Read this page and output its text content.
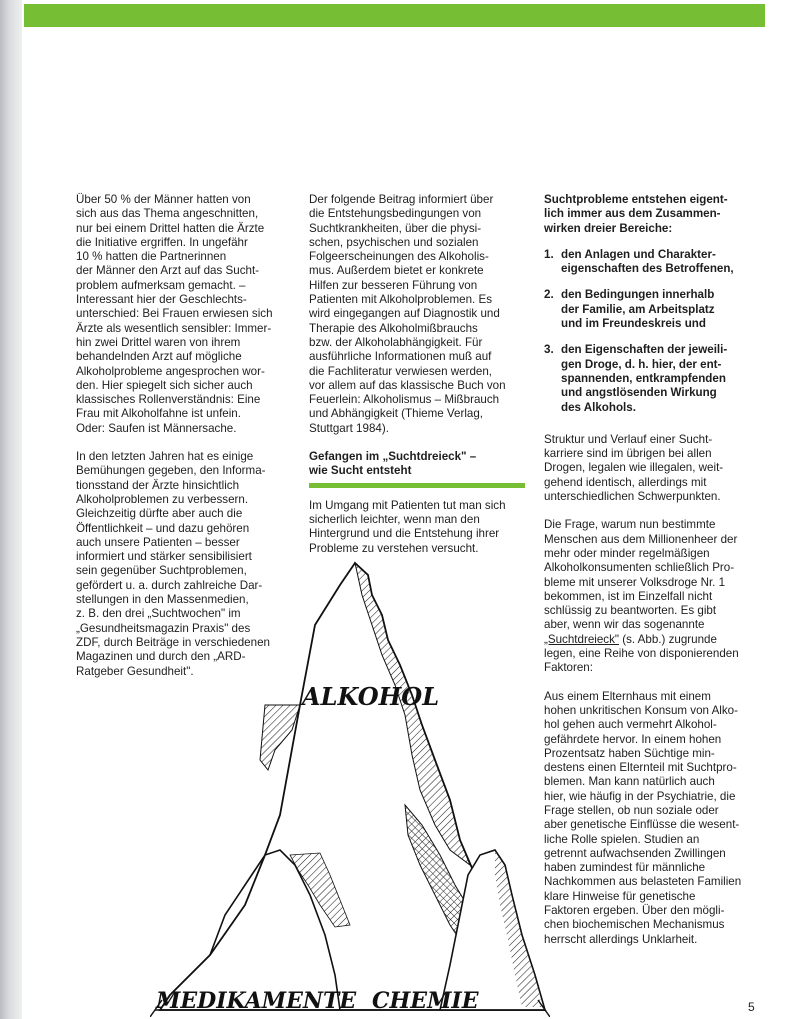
Über 50 % der Männer hatten von
sich aus das Thema angeschnitten,
nur bei einem Drittel hatten die Ärzte
die Initiative ergriffen. In ungefähr
10 % hatten die Partnerinnen
der Männer den Arzt auf das Sucht-
problem aufmerksam gemacht. –
Interessant hier der Geschlechts-
unterschied: Bei Frauen erwiesen sich
Ärzte als wesentlich sensibler: Immer-
hin zwei Drittel waren von ihrem
behandelnden Arzt auf mögliche
Alkoholprobleme angesprochen wor-
den. Hier spiegelt sich sicher auch
klassisches Rollenverständnis: Eine
Frau mit Alkoholfahne ist unfein.
Oder: Saufen ist Männersache.

In den letzten Jahren hat es einige
Bemühungen gegeben, den Informa-
tionsstand der Ärzte hinsichtlich
Alkoholproblemen zu verbessern.
Gleichzeitig dürfte aber auch die
Öffentlichkeit – und dazu gehören
auch unsere Patienten – besser
informiert und stärker sensibilisiert
sein gegenüber Suchtproblemen,
gefördert u. a. durch zahlreiche Dar-
stellungen in den Massenmedien,
z. B. den drei „Suchtwochen" im
„Gesundheitsmagazin Praxis" des
ZDF, durch Beiträge in verschiedenen
Magazinen und durch den „ARD-
Ratgeber Gesundheit".

Der folgende Beitrag informiert über
die Entstehungsbedingungen von
Suchtkrankheiten, über die physi-
schen, psychischen und sozialen
Folgeerscheinungen des Alkoholis-
mus. Außerdem bietet er konkrete
Hilfen zur besseren Führung von
Patienten mit Alkoholproblemen. Es
wird eingegangen auf Diagnostik und
Therapie des Alkoholmißbrauchs
bzw. der Alkoholabhängigkeit. Für
ausführliche Informationen muß auf
die Fachliteratur verwiesen werden,
vor allem auf das klassische Buch von
Feuerlein: Alkoholismus – Mißbrauch
und Abhängigkeit (Thieme Verlag,
Stuttgart 1984).

Gefangen im „Suchtdreieck" –
wie Sucht entsteht

Im Umgang mit Patienten tut man sich
sicherlich leichter, wenn man den
Hintergrund und die Entstehung ihrer
Probleme zu verstehen versucht.

Suchtprobleme entstehen eigent-
lich immer aus dem Zusammen-
wirken dreier Bereiche:
1. den Anlagen und Charakter-
eigenschaften des Betroffenen,
2. den Bedingungen innerhalb
der Familie, am Arbeitsplatz
und im Freundeskreis und
3. den Eigenschaften der jeweili-
gen Droge, d. h. hier, der ent-
spannenden, entkrampfenden
und angstlösenden Wirkung
des Alkohols.

Struktur und Verlauf einer Sucht-
karriere sind im übrigen bei allen
Drogen, legalen wie illegalen, weit-
gehend identisch, allerdings mit
unterschiedlichen Schwerpunkten.

Die Frage, warum nun bestimmte
Menschen aus dem Millionenheer der
mehr oder minder regelmäßigen
Alkoholkonsumenten schließlich Pro-
bleme mit unserer Volksdroge Nr. 1
bekommen, ist im Einzelfall nicht
schlüssig zu beantworten. Es gibt
aber, wenn wir das sogenannte
„Suchtdreieck" (s. Abb.) zugrunde
legen, eine Reihe von disponierenden
Faktoren:

Aus einem Elternhaus mit einem
hohen unkritischen Konsum von Alko-
hol gehen auch vermehrt Alkohol-
gefährdete hervor. In einem hohen
Prozentsatz haben Süchtige min-
destens einen Elternteil mit Suchtpro-
blemen. Man kann natürlich auch
hier, wie häufig in der Psychiatrie, die
Frage stellen, ob nun soziale oder
aber genetische Einflüsse die wesent-
liche Rolle spielen. Studien an
getrennt aufwachsenden Zwillingen
haben zumindest für männliche
Nachkommen aus belasteten Familien
klare Hinweise für genetische
Faktoren ergeben. Über den mögli-
chen biochemischen Mechanismus
herrscht allerdings Unklarheit.

ALKOHOL
MEDIKAMENTE CHEMIE	5
